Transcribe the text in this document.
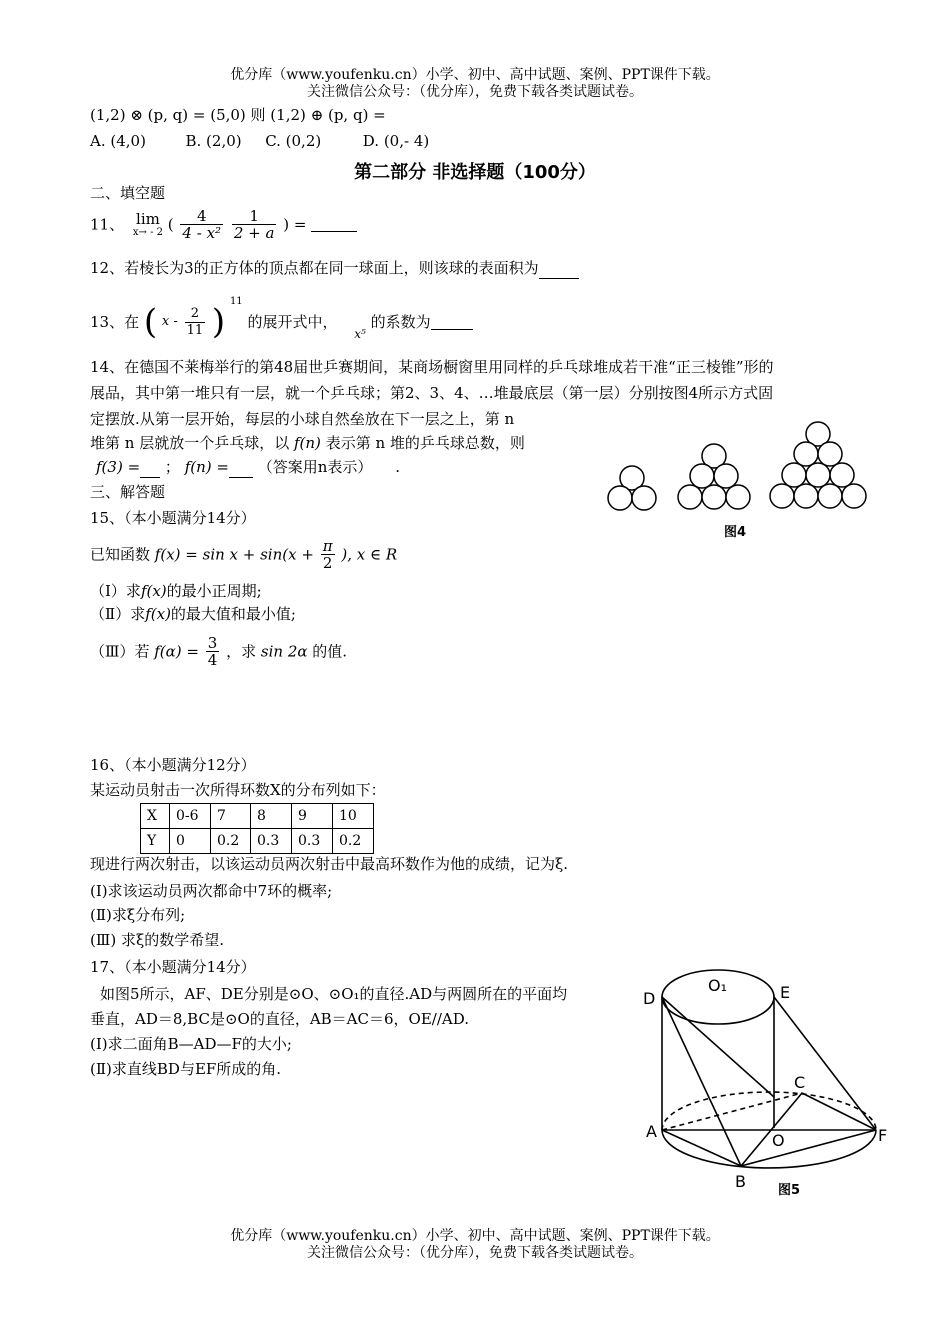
优分库（www.youfenku.cn）小学、初中、高中试题、案例、PPT课件下载。
关注微信公众号：（优分库），免费下载各类试题试卷。
(1,2) ⊗ (p, q) = (5,0) 则 (1,2) ⊕ (p, q) =
A. (4,0)	B. (2,0) C. (0,2)	D. (0,- 4)
第二部分 非选择题（100分）
二、填空题
11、 lim
x→ - 2 ( $\frac{4}{\text{4 - x²}}$
$\frac{1}{2 + a}$ ) =
12、若棱长为3的正方体的顶点都在同一球面上，则该球的表面积为
13、在 ( x - $\frac{2}{11}$ ) $^{11}$ 的展开式中， $_{x^5}$ 的系数为
14、在德国不莱梅举行的第48届世乒赛期间，某商场橱窗里用同样的乒乓球堆成若干准“正三棱锥”形的
展品，其中第一堆只有一层，就一个乒乓球；第2、3、4、…堆最底层（第一层）分别按图4所示方式固
定摆放.从第一层开始，每层的小球自然垒放在下一层之上，第 n
堆第 n 层就放一个乒乓球，以 f(n) 表示第 n 堆的乒乓球总数，则
f(3) = ； f(n) = （答案用n表示） .
图4
三、解答题
15、（本小题满分14分）
已知函数 $f(x) = \sin x + \sin(x + \frac{\pi}{2}$ ), x ∈ R
（Ⅰ）求f(x)的最小正周期;
（Ⅱ）求f(x)的最大值和最小值;
（Ⅲ）若 $f(\alpha) = \frac{3}{4}$ ，求 sin 2α 的值.
16、（本小题满分12分）
某运动员射击一次所得环数X的分布列如下：
X	0-6	7	8	9	10
Y	0	0.2	0.3	0.3	0.2
现进行两次射击，以该运动员两次射击中最高环数作为他的成绩，记为ξ.
(I)求该运动员两次都命中7环的概率;
(Ⅱ)求ξ分布列;
(Ⅲ) 求ξ的数学希望.
17、（本小题满分14分）
如图5所示，AF、DE分别是⊙O、⊙O₁的直径.AD与两圆所在的平面均
垂直，AD＝8,BC是⊙O的直径，AB＝AC＝6，OE//AD.
(I)求二面角B—AD—F的大小;
(Ⅱ)求直线BD与EF所成的角.
D	E
O₁
A	F
C
O
B 图5
优分库（www.youfenku.cn）小学、初中、高中试题、案例、PPT课件下载。
关注微信公众号：（优分库），免费下载各类试题试卷。
